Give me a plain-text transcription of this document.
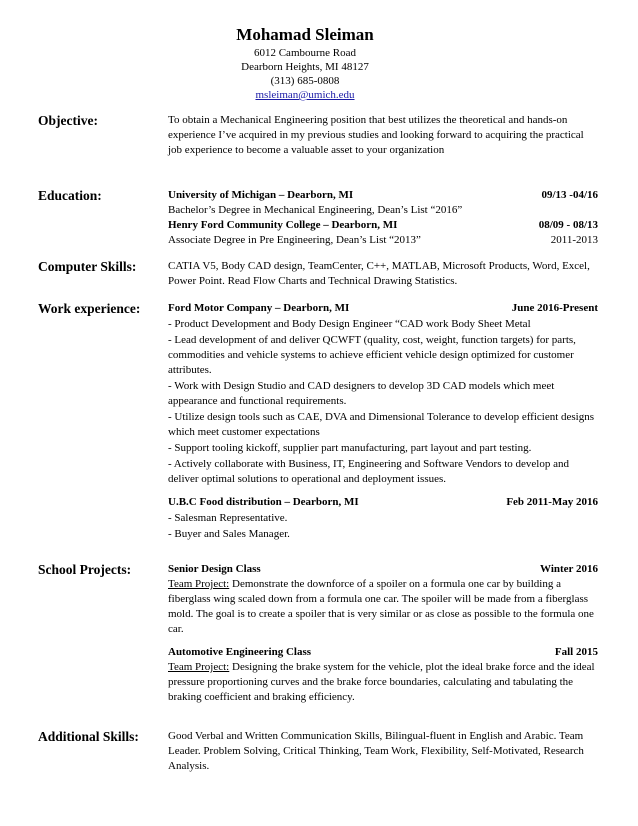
Mohamad Sleiman
6012 Cambourne Road
Dearborn Heights, MI 48127
(313) 685-0808
msleiman@umich.edu
Objective:	To obtain a Mechanical Engineering position that best utilizes the theoretical and hands-on experience I’ve acquired in my previous studies and looking forward to acquiring the practical job experience to become a valuable asset to your organization
Education:	University of Michigan – Dearborn, MI	09/13 -04/16
Bachelor’s Degree in Mechanical Engineering, Dean’s List “2016”
Henry Ford Community College – Dearborn, MI	08/09 - 08/13
Associate Degree in Pre Engineering, Dean’s List “2013”	2011-2013
Computer Skills:	CATIA V5, Body CAD design, TeamCenter, C++, MATLAB, Microsoft Products, Word, Excel, Power Point. Read Flow Charts and Technical Drawing Statistics.
Work experience:	Ford Motor Company – Dearborn, MI	June 2016-Present
- Product Development and Body Design Engineer “CAD work Body Sheet Metal
- Lead development of and deliver QCWFT (quality, cost, weight, function targets) for parts, commodities and vehicle systems to achieve efficient vehicle design optimized for customer attributes.
- Work with Design Studio and CAD designers to develop 3D CAD models which meet appearance and functional requirements.
- Utilize design tools such as CAE, DVA and Dimensional Tolerance to develop efficient designs which meet customer expectations
- Support tooling kickoff, supplier part manufacturing, part layout and part testing.
- Actively collaborate with Business, IT, Engineering and Software Vendors to develop and deliver optimal solutions to operational and deployment issues.
U.B.C Food distribution – Dearborn, MI	Feb 2011-May 2016
- Salesman Representative.
- Buyer and Sales Manager.
School Projects:	Senior Design Class	Winter 2016
Team Project: Demonstrate the downforce of a spoiler on a formula one car by building a fiberglass wing scaled down from a formula one car. The spoiler will be made from a fiberglass mold. The goal is to create a spoiler that is very similar or as close as possible to the formula one car.
Automotive Engineering Class	Fall 2015
Team Project: Designing the brake system for the vehicle, plot the ideal brake force and the ideal pressure proportioning curves and the brake force boundaries, calculating and tabulating the braking coefficient and braking efficiency.
Additional Skills:	Good Verbal and Written Communication Skills, Bilingual-fluent in English and Arabic. Team Leader. Problem Solving, Critical Thinking, Team Work, Flexibility, Self-Motivated, Research Analysis.
